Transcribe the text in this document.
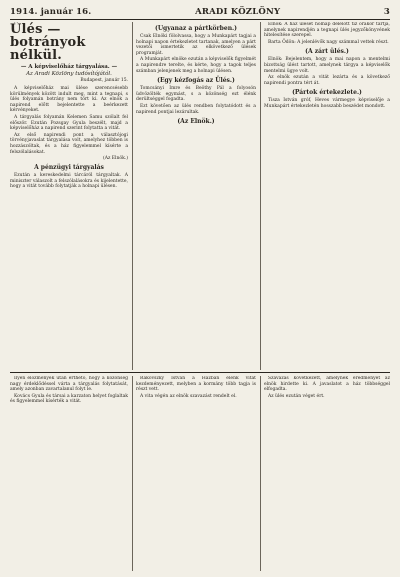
1914. január 16.	ARADI KÖZLÖNY	3
Ülés — botrányok nélkül.
— A képviselőház tárgyalása. —
Az Aradi Közlöny tudósítójától.
Budapest, január 15.

A képviselőház mai ülése szerencsésebb körülmények között indult meg, mint a tegnapi, s ülés folyamán botrány nem tört ki. Az elnök a napirend előtt bejelentette a beérkezett kérvényeket.

A tárgyalás folyamán Kelemen Samu szólalt fel először. Ezután Pozsgay Gyula beszélt, majd a képviselőház a napirend szerint folytatta a vitát.

Az első napirendi pont a választójogi törvényjavaslat tárgyalása volt, amelyhez többen is hozzászóltak, és a ház figyelemmel kísérte a felszólalásokat.

(Az Elnök.)
A pénzügyi tárgyalás

Ezután a kereskedelmi tárcáról tárgyaltak. A miniszter válaszolt a felszólalásokra és kijelentette, hogy a vitát tovább folytatják a holnapi ülésen.

(Ugyanaz a pártkörben.)

Csak Elnöki fölolvassa, hogy a Munkapárt tagjai a holnapi napon értekezletet tartanak, amelyen a párt vezetői ismertetik az elkövetkező ülések programját.

A Munkapárt elnöke ezután a képviselők figyelmét a napirendre terelte, és kérte, hogy a tagok teljes számban jelenjenek meg a holnapi ülésen.

(Egy kézfogás az Ülés.)

Tomcsányi Imre és Beöthy Pál a folyosón üdvözölték egymást, s a közönség ezt élénk derültséggel fogadta.

Ezt követően az ülés rendben folytatódott és a napirend pontjai lezárultak.

(Az Elnök.)

Elnök: A ház ülését holnap délelőtt tíz órakor tartja, amelynek napirendjén a tegnapi ülés jegyzőkönyvének hitelesítése szerepel.

Barta Ödön: A jelenlévők nagy számmal vettek részt.

(A zárt ülés.)

Elnök: Bejelentem, hogy a mai napon a mentelmi bizottság ülést tartott, amelynek tárgya a képviselők mentelmi ügye volt.

Az elnök ezután a vitát lezárta és a következő napirendi pontra tért át.

(Pártok értekezlete.)

Tisza István gróf, Heves vármegye képviselője a Munkapárt értekezletén hosszabb beszédet mondott.

Ilyen előzmények után érthető, hogy a közönség nagy érdeklődéssel várta a tárgyalás folytatását, amely azonban zavartalanul folyt le.

Kovács Gyula és társai a karzaton helyet foglaltak és figyelemmel kísérték a vitát.

Rakovszky István a Házban élénk vitát kezdeményezett, melyben a kormány több tagja is részt vett.

A vita végén az elnök szavazást rendelt el.

Szavazás következett, amelynek eredményét az elnök hirdette ki. A javaslatot a ház többséggel elfogadta.

Az ülés ezután véget ért.
